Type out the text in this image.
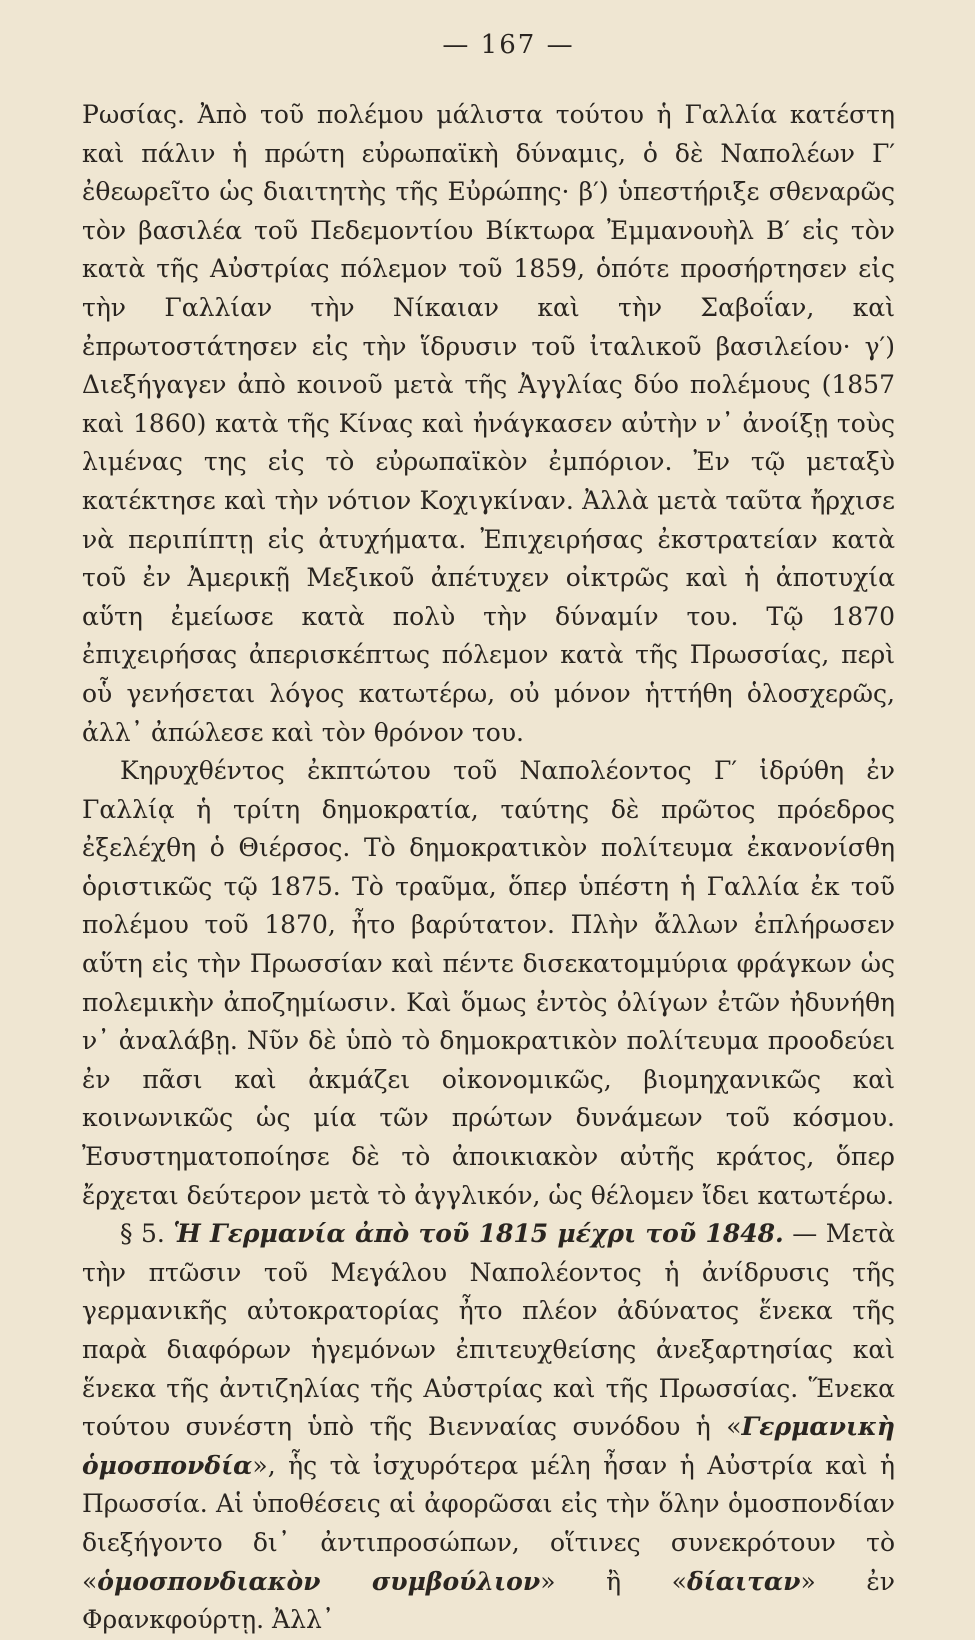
— 167 —

Ρωσίας. Ἀπὸ τοῦ πολέμου μάλιστα τούτου ἡ Γαλλία κατέστη καὶ πάλιν ἡ πρώτη εὐρωπαϊκὴ δύναμις, ὁ δὲ Ναπολέων Γ′ ἐθεωρεῖτο ὡς διαιτητὴς τῆς Εὐρώπης· β′) ὑπεστήριξε σθεναρῶς τὸν βασιλέα τοῦ Πεδεμοντίου Βίκτωρα Ἐμμανουὴλ Β′ εἰς τὸν κατὰ τῆς Αὐστρίας πόλεμον τοῦ 1859, ὁπότε προσήρτησεν εἰς τὴν Γαλλίαν τὴν Νίκαιαν καὶ τὴν Σαβοΐαν, καὶ ἐπρωτοστάτησεν εἰς τὴν ἵδρυσιν τοῦ ἰταλικοῦ βασιλείου· γ′) Διεξήγαγεν ἀπὸ κοινοῦ μετὰ τῆς Ἀγγλίας δύο πολέμους (1857 καὶ 1860) κατὰ τῆς Κίνας καὶ ἠνάγκασεν αὐτὴν ν᾿ ἀνοίξῃ τοὺς λιμένας της εἰς τὸ εὐρωπαϊκὸν ἐμπόριον. Ἐν τῷ μεταξὺ κατέκτησε καὶ τὴν νότιον Κοχιγκίναν. Ἀλλὰ μετὰ ταῦτα ἤρχισε νὰ περιπίπτῃ εἰς ἀτυχήματα. Ἐπιχειρήσας ἐκστρατείαν κατὰ τοῦ ἐν Ἀμερικῇ Μεξικοῦ ἀπέτυχεν οἰκτρῶς καὶ ἡ ἀποτυχία αὕτη ἐμείωσε κατὰ πολὺ τὴν δύναμίν του. Τῷ 1870 ἐπιχειρήσας ἀπερισκέπτως πόλεμον κατὰ τῆς Πρωσσίας, περὶ οὗ γενήσεται λόγος κατωτέρω, οὐ μόνον ἡττήθη ὁλοσχερῶς, ἀλλ᾿ ἀπώλεσε καὶ τὸν θρόνον του.

Κηρυχθέντος ἐκπτώτου τοῦ Ναπολέοντος Γ′ ἱδρύθη ἐν Γαλλίᾳ ἡ τρίτη δημοκρατία, ταύτης δὲ πρῶτος πρόεδρος ἐξελέχθη ὁ Θιέρσος. Τὸ δημοκρατικὸν πολίτευμα ἐκανονίσθη ὁριστικῶς τῷ 1875. Τὸ τραῦμα, ὅπερ ὑπέστη ἡ Γαλλία ἐκ τοῦ πολέμου τοῦ 1870, ἦτο βαρύτατον. Πλὴν ἄλλων ἐπλήρωσεν αὕτη εἰς τὴν Πρωσσίαν καὶ πέντε δισεκατομμύρια φράγκων ὡς πολεμικὴν ἀποζημίωσιν. Καὶ ὅμως ἐντὸς ὀλίγων ἐτῶν ἠδυνήθη ν᾿ ἀναλάβῃ. Νῦν δὲ ὑπὸ τὸ δημοκρατικὸν πολίτευμα προοδεύει ἐν πᾶσι καὶ ἀκμάζει οἰκονομικῶς, βιομηχανικῶς καὶ κοινωνικῶς ὡς μία τῶν πρώτων δυνάμεων τοῦ κόσμου. Ἐσυστηματοποίησε δὲ τὸ ἀποικιακὸν αὐτῆς κράτος, ὅπερ ἔρχεται δεύτερον μετὰ τὸ ἀγγλικόν, ὡς θέλομεν ἴδει κατωτέρω.

§ 5. Ἡ Γερμανία ἀπὸ τοῦ 1815 μέχρι τοῦ 1848. — Μετὰ τὴν πτῶσιν τοῦ Μεγάλου Ναπολέοντος ἡ ἀνίδρυσις τῆς γερμανικῆς αὐτοκρατορίας ἦτο πλέον ἀδύνατος ἕνεκα τῆς παρὰ διαφόρων ἡγεμόνων ἐπιτευχθείσης ἀνεξαρτησίας καὶ ἕνεκα τῆς ἀντιζηλίας τῆς Αὐστρίας καὶ τῆς Πρωσσίας. Ἕνεκα τούτου συνέστη ὑπὸ τῆς Βιενναίας συνόδου ἡ «Γερμανικὴ ὁμοσπονδία», ἧς τὰ ἰσχυρότερα μέλη ἦσαν ἡ Αὐστρία καὶ ἡ Πρωσσία. Αἱ ὑποθέσεις αἱ ἀφορῶσαι εἰς τὴν ὅλην ὁμοσπονδίαν διεξήγοντο δι᾿ ἀντιπροσώπων, οἵτινες συνεκρότουν τὸ «ὁμοσπονδιακὸν συμβούλιον» ἢ «δίαιταν» ἐν Φρανκφούρτῃ. Ἀλλ᾿
